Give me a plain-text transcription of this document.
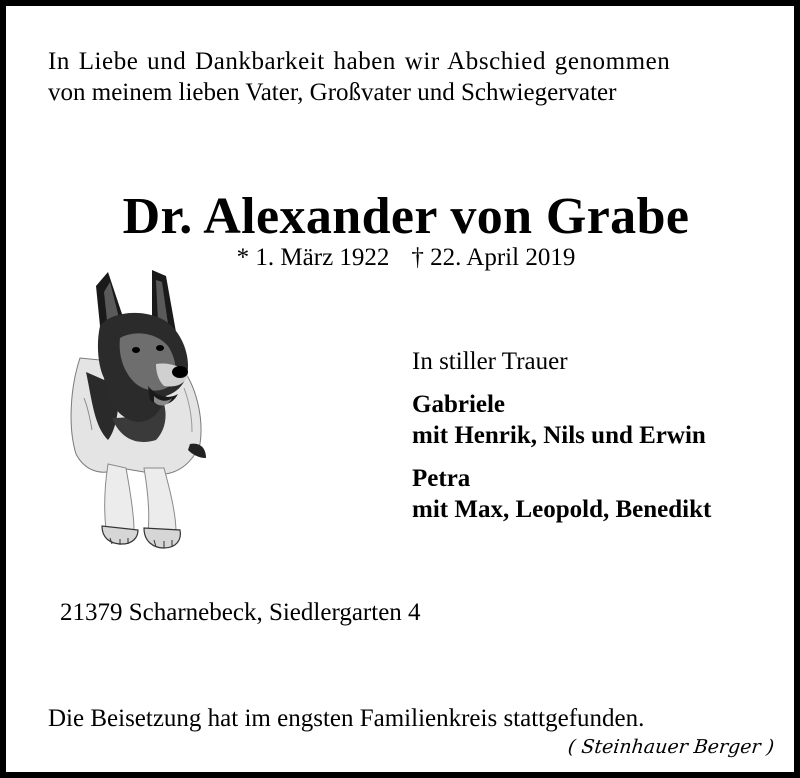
In Liebe und Dankbarkeit haben wir Abschied genommen
von meinem lieben Vater, Großvater und Schwiegervater

Dr. Alexander von Grabe
* 1. März 1922 † 22. April 2019

In stiller Trauer

Gabriele
mit Henrik, Nils und Erwin
Petra
mit Max, Leopold, Benedikt
21379 Scharnebeck, Siedlergarten 4
Die Beisetzung hat im engsten Familienkreis stattgefunden.
( Steinhauer Berger )
